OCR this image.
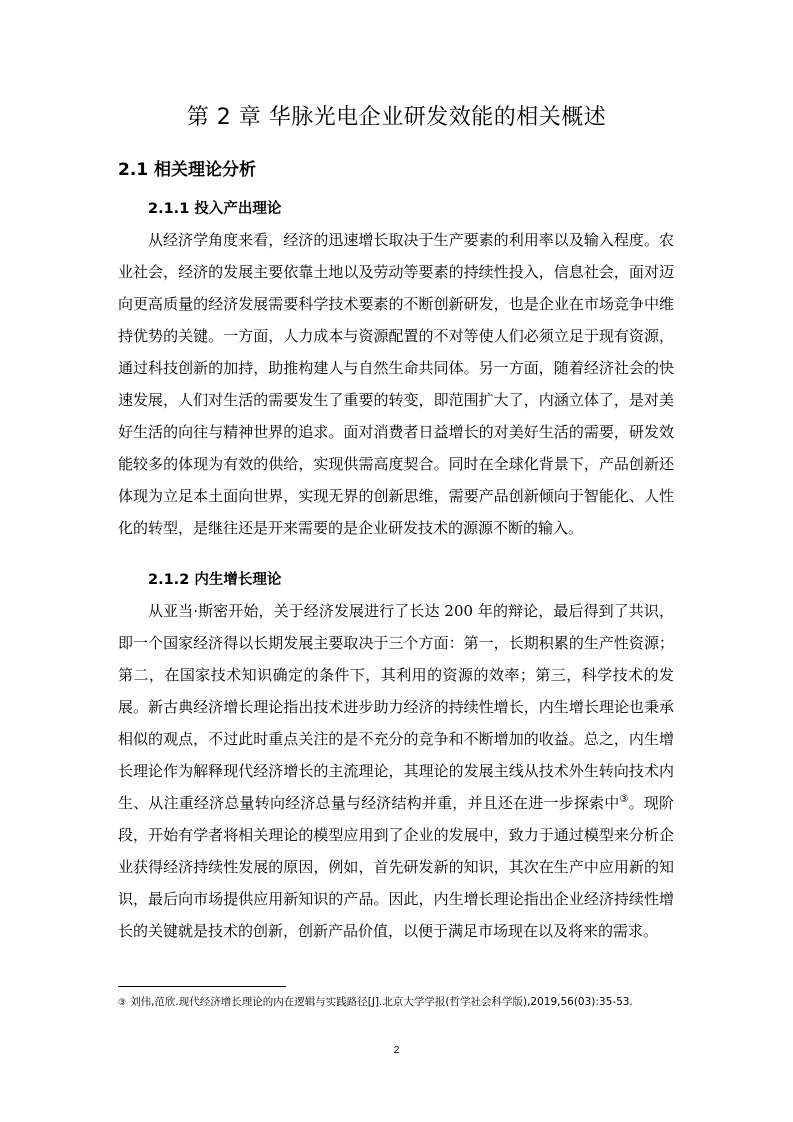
第 2 章 华脉光电企业研发效能的相关概述
2.1 相关理论分析
2.1.1 投入产出理论

从经济学角度来看，经济的迅速增长取决于生产要素的利用率以及输入程度。农业社会，经济的发展主要依靠土地以及劳动等要素的持续性投入，信息社会，面对迈向更高质量的经济发展需要科学技术要素的不断创新研发，也是企业在市场竞争中维持优势的关键。一方面，人力成本与资源配置的不对等使人们必须立足于现有资源，通过科技创新的加持，助推构建人与自然生命共同体。另一方面，随着经济社会的快速发展，人们对生活的需要发生了重要的转变，即范围扩大了，内涵立体了，是对美好生活的向往与精神世界的追求。面对消费者日益增长的对美好生活的需要，研发效能较多的体现为有效的供给，实现供需高度契合。同时在全球化背景下，产品创新还体现为立足本土面向世界，实现无界的创新思维，需要产品创新倾向于智能化、人性化的转型，是继往还是开来需要的是企业研发技术的源源不断的输入。

2.1.2 内生增长理论

从亚当·斯密开始，关于经济发展进行了长达 200 年的辩论，最后得到了共识，即一个国家经济得以长期发展主要取决于三个方面：第一，长期积累的生产性资源；第二，在国家技术知识确定的条件下，其利用的资源的效率；第三，科学技术的发展。新古典经济增长理论指出技术进步助力经济的持续性增长，内生增长理论也秉承相似的观点，不过此时重点关注的是不充分的竞争和不断增加的收益。总之，内生增长理论作为解释现代经济增长的主流理论，其理论的发展主线从技术外生转向技术内生、从注重经济总量转向经济总量与经济结构并重，并且还在进一步探索中③。现阶段，开始有学者将相关理论的模型应用到了企业的发展中，致力于通过模型来分析企业获得经济持续性发展的原因，例如，首先研发新的知识，其次在生产中应用新的知识，最后向市场提供应用新知识的产品。因此，内生增长理论指出企业经济持续性增长的关键就是技术的创新，创新产品价值，以便于满足市场现在以及将来的需求。

③ 刘伟,范欣.现代经济增长理论的内在逻辑与实践路径[J].北京大学学报(哲学社会科学版),2019,56(03):35-53.

2
